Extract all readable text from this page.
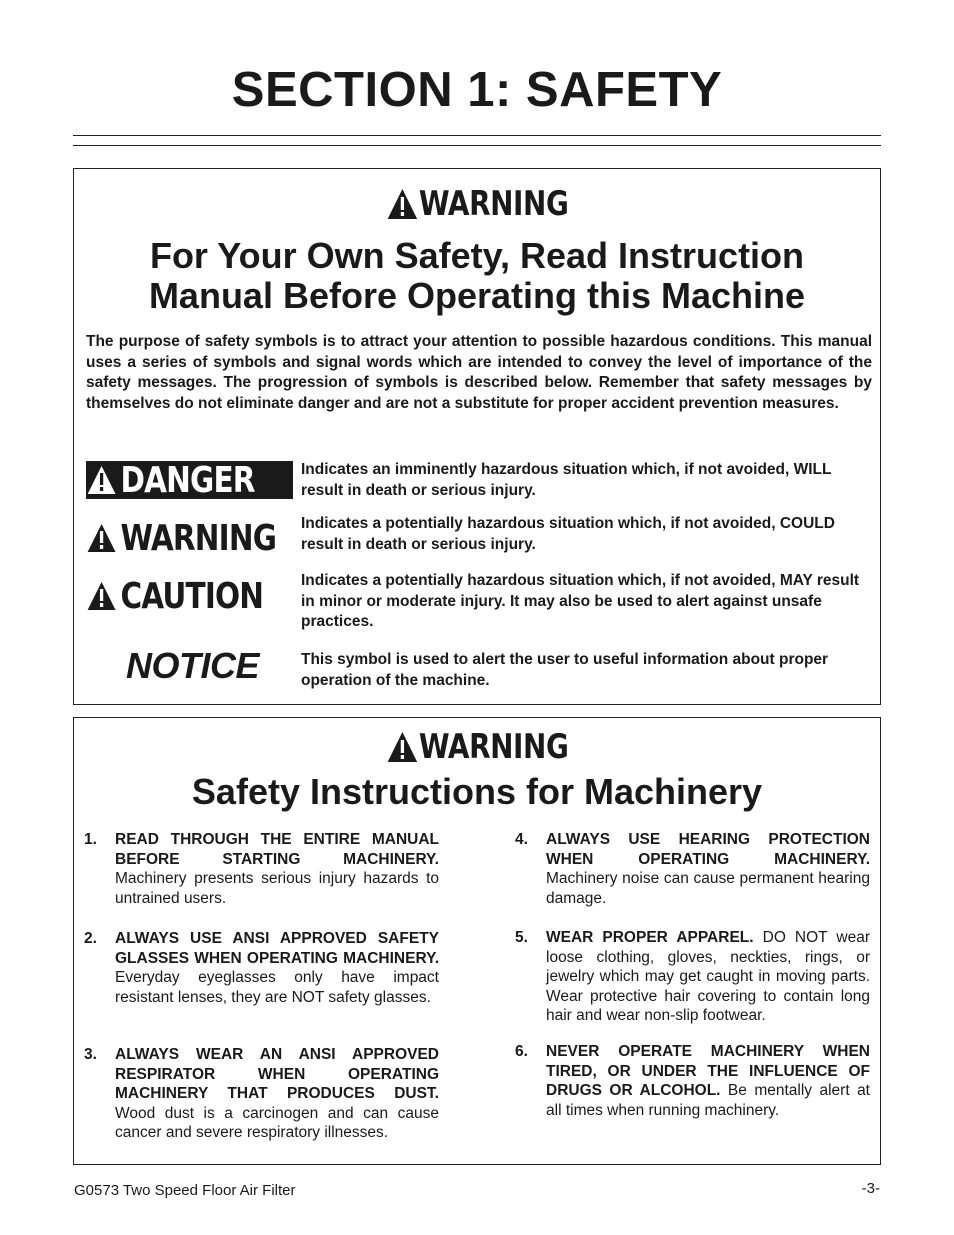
SECTION 1: SAFETY
WARNING
For Your Own Safety, Read Instruction
Manual Before Operating this Machine
The purpose of safety symbols is to attract your attention to possible hazardous conditions. This manual uses a series of symbols and signal words which are intended to convey the level of importance of the safety messages. The progression of symbols is described below. Remember that safety messages by themselves do not eliminate danger and are not a substitute for proper accident prevention measures.
DANGER	Indicates an imminently hazardous situation which, if not avoided, WILL result in death or serious injury.
WARNING Indicates a potentially hazardous situation which, if not avoided, COULD result in death or serious injury.
CAUTION Indicates a potentially hazardous situation which, if not avoided, MAY result in minor or moderate injury. It may also be used to alert against unsafe practices.
NOTICE	This symbol is used to alert the user to useful information about proper operation of the machine.
WARNING
Safety Instructions for Machinery
1. READ THROUGH THE ENTIRE MANUAL BEFORE STARTING MACHINERY.
Machinery presents serious injury hazards to untrained users.
2. ALWAYS USE ANSI APPROVED SAFETY GLASSES WHEN OPERATING MACHINERY.
Everyday eyeglasses only have impact resistant lenses, they are NOT safety glasses.
3. ALWAYS WEAR AN ANSI APPROVED RESPIRATOR WHEN OPERATING MACHINERY THAT PRODUCES DUST.
Wood dust is a carcinogen and can cause cancer and severe respiratory illnesses.
4. ALWAYS USE HEARING PROTECTION WHEN OPERATING MACHINERY.
Machinery noise can cause permanent hearing damage.
5. WEAR PROPER APPAREL. DO NOT wear loose clothing, gloves, neckties, rings, or jewelry which may get caught in moving parts. Wear protective hair covering to contain long hair and wear non-slip footwear.
6. NEVER OPERATE MACHINERY WHEN TIRED, OR UNDER THE INFLUENCE OF DRUGS OR ALCOHOL. Be mentally alert at all times when running machinery.
G0573 Two Speed Floor Air Filter	-3-
